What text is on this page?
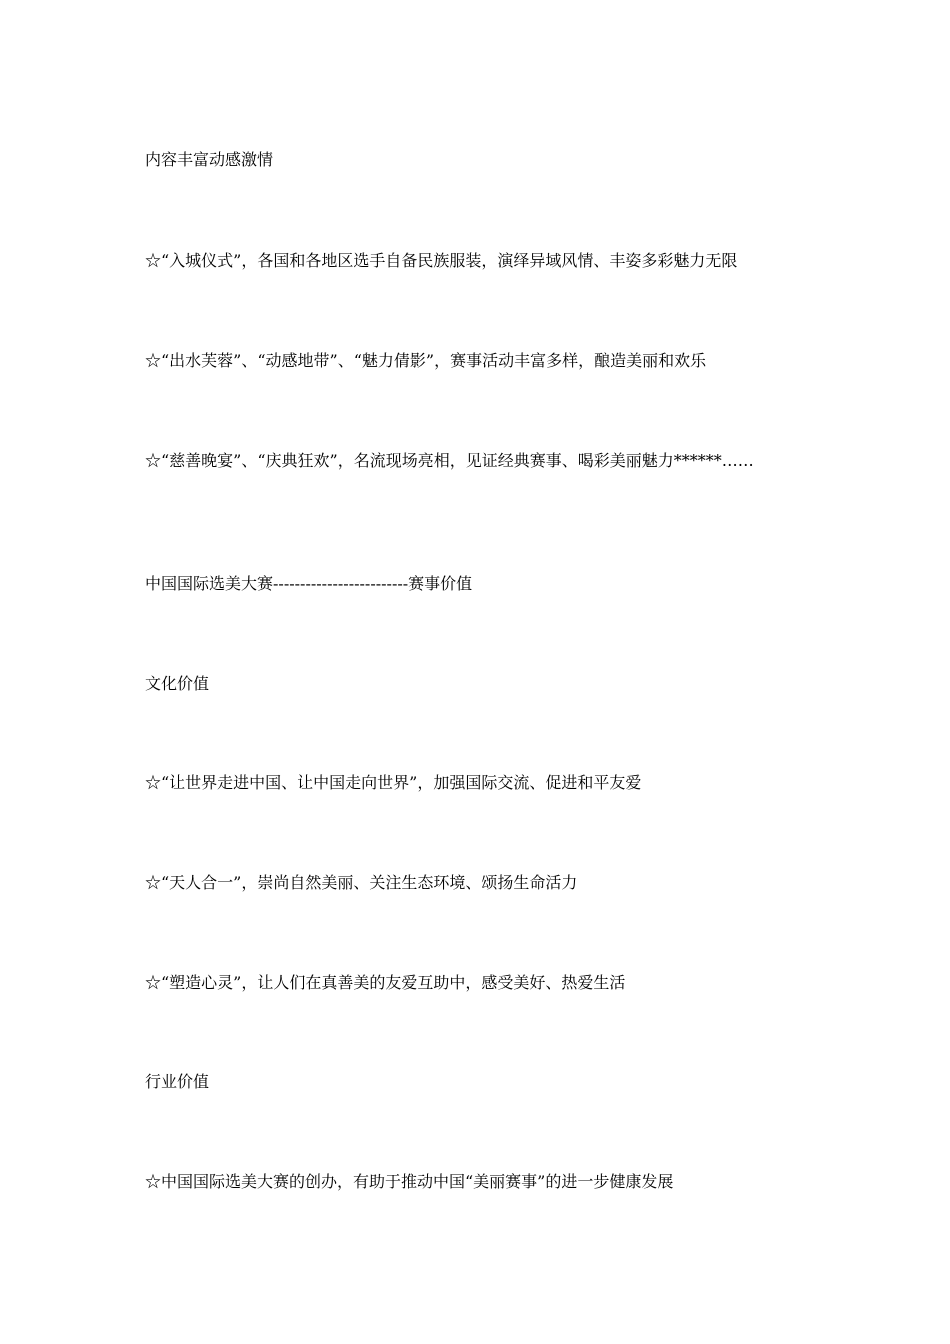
内容丰富动感激情
☆“入城仪式”，各国和各地区选手自备民族服装，演绎异域风情、丰姿多彩魅力无限
☆“出水芙蓉”、“动感地带”、“魅力倩影”，赛事活动丰富多样，酿造美丽和欢乐
☆“慈善晚宴”、“庆典狂欢”，名流现场亮相，见证经典赛事、喝彩美丽魅力******……
中国国际选美大赛-------------------------赛事价值
文化价值
☆“让世界走进中国、让中国走向世界”，加强国际交流、促进和平友爱
☆“天人合一”，崇尚自然美丽、关注生态环境、颂扬生命活力
☆“塑造心灵”，让人们在真善美的友爱互助中，感受美好、热爱生活
行业价值
☆中国国际选美大赛的创办，有助于推动中国“美丽赛事”的进一步健康发展
